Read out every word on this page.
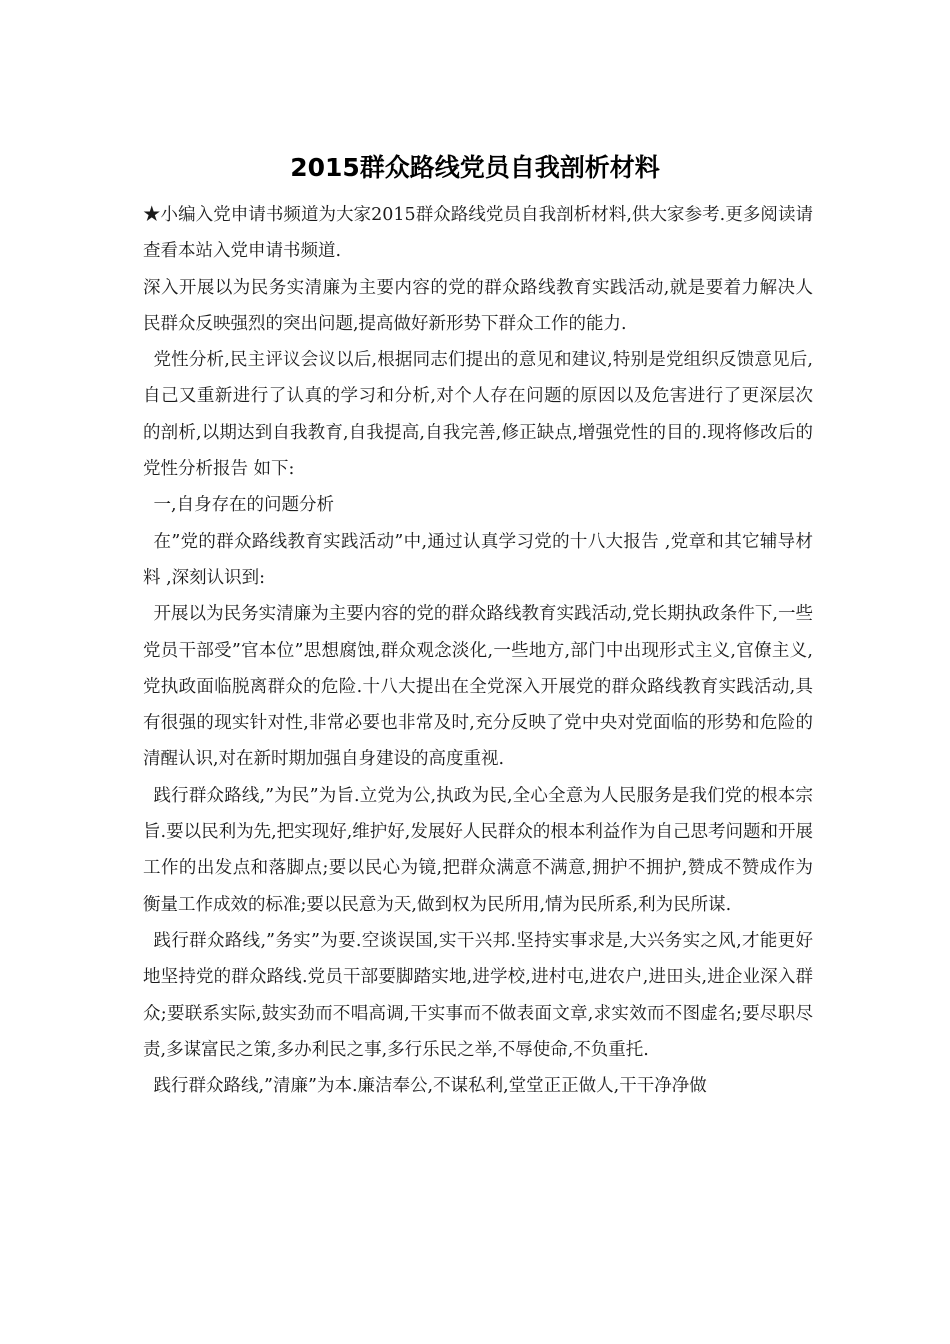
2015群众路线党员自我剖析材料

★小编入党申请书频道为大家2015群众路线党员自我剖析材料,供大家参考.更多阅读请查看本站入党申请书频道.

深入开展以为民务实清廉为主要内容的党的群众路线教育实践活动,就是要着力解决人民群众反映强烈的突出问题,提高做好新形势下群众工作的能力.

党性分析,民主评议会议以后,根据同志们提出的意见和建议,特别是党组织反馈意见后,自己又重新进行了认真的学习和分析,对个人存在问题的原因以及危害进行了更深层次的剖析,以期达到自我教育,自我提高,自我完善,修正缺点,增强党性的目的.现将修改后的党性分析报告 如下:

一,自身存在的问题分析

在”党的群众路线教育实践活动”中,通过认真学习党的十八大报告 ,党章和其它辅导材料 ,深刻认识到:

开展以为民务实清廉为主要内容的党的群众路线教育实践活动,党长期执政条件下,一些党员干部受”官本位”思想腐蚀,群众观念淡化,一些地方,部门中出现形式主义,官僚主义,党执政面临脱离群众的危险.十八大提出在全党深入开展党的群众路线教育实践活动,具有很强的现实针对性,非常必要也非常及时,充分反映了党中央对党面临的形势和危险的清醒认识,对在新时期加强自身建设的高度重视.

践行群众路线,”为民”为旨.立党为公,执政为民,全心全意为人民服务是我们党的根本宗旨.要以民利为先,把实现好,维护好,发展好人民群众的根本利益作为自己思考问题和开展工作的出发点和落脚点;要以民心为镜,把群众满意不满意,拥护不拥护,赞成不赞成作为衡量工作成效的标准;要以民意为天,做到权为民所用,情为民所系,利为民所谋.

践行群众路线,”务实”为要.空谈误国,实干兴邦.坚持实事求是,大兴务实之风,才能更好地坚持党的群众路线.党员干部要脚踏实地,进学校,进村屯,进农户,进田头,进企业深入群众;要联系实际,鼓实劲而不唱高调,干实事而不做表面文章,求实效而不图虚名;要尽职尽责,多谋富民之策,多办利民之事,多行乐民之举,不辱使命,不负重托.

践行群众路线,”清廉”为本.廉洁奉公,不谋私利,堂堂正正做人,干干净净做
